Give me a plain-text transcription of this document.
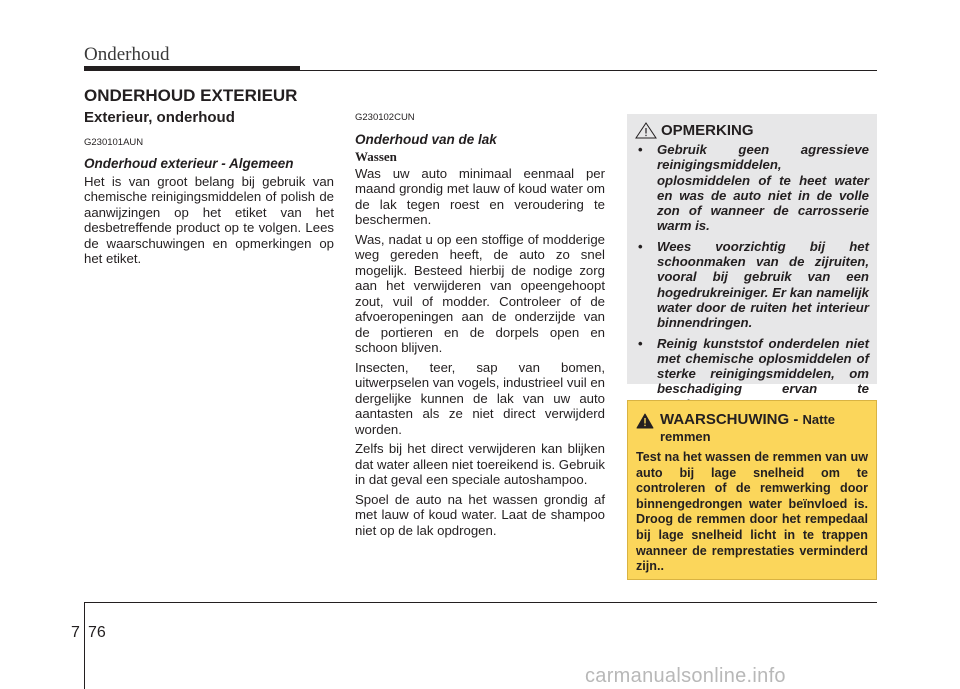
Onderhoud
ONDERHOUD EXTERIEUR
Exterieur, onderhoud
G230101AUN
Onderhoud exterieur - Algemeen

Het is van groot belang bij gebruik van chemische reinigingsmiddelen of polish de aanwijzingen op het etiket van het desbetreffende product op te volgen. Lees de waarschuwingen en opmerkingen op het etiket.

G230102CUN
Onderhoud van de lak
Wassen

Was uw auto minimaal eenmaal per maand grondig met lauw of koud water om de lak tegen roest en veroudering te beschermen.

Was, nadat u op een stoffige of modderige weg gereden heeft, de auto zo snel mogelijk. Besteed hierbij de nodige zorg aan het verwijderen van opeengehoopt zout, vuil of modder. Controleer of de afvoeropeningen aan de onderzijde van de portieren en de dorpels open en schoon blijven.

Insecten, teer, sap van bomen, uitwerpselen van vogels, industrieel vuil en dergelijke kunnen de lak van uw auto aantasten als ze niet direct verwijderd worden.

Zelfs bij het direct verwijderen kan blijken dat water alleen niet toereikend is. Gebruik in dat geval een speciale autoshampoo.

Spoel de auto na het wassen grondig af met lauw of koud water. Laat de shampoo niet op de lak opdrogen.

OPMERKING
• Gebruik geen agressieve reinigingsmiddelen, oplosmiddelen of te heet water en was de auto niet in de volle zon of wanneer de carrosserie warm is.
• Wees voorzichtig bij het schoonmaken van de zijruiten, vooral bij gebruik van een hogedrukreiniger. Er kan namelijk water door de ruiten het interieur binnendringen.
• Reinig kunststof onderdelen niet met chemische oplosmiddelen of sterke reinigingsmiddelen, om beschadiging ervan te
WAARSCHUWING - Natte remmen

Test na het wassen de remmen van uw auto bij lage snelheid om te controleren of de remwerking door binnengedrongen water beïnvloed is. Droog de remmen door het rempedaal bij lage snelheid licht in te trappen wanneer de remprestaties verminderd zijn..

7 76
carmanualsonline.info
